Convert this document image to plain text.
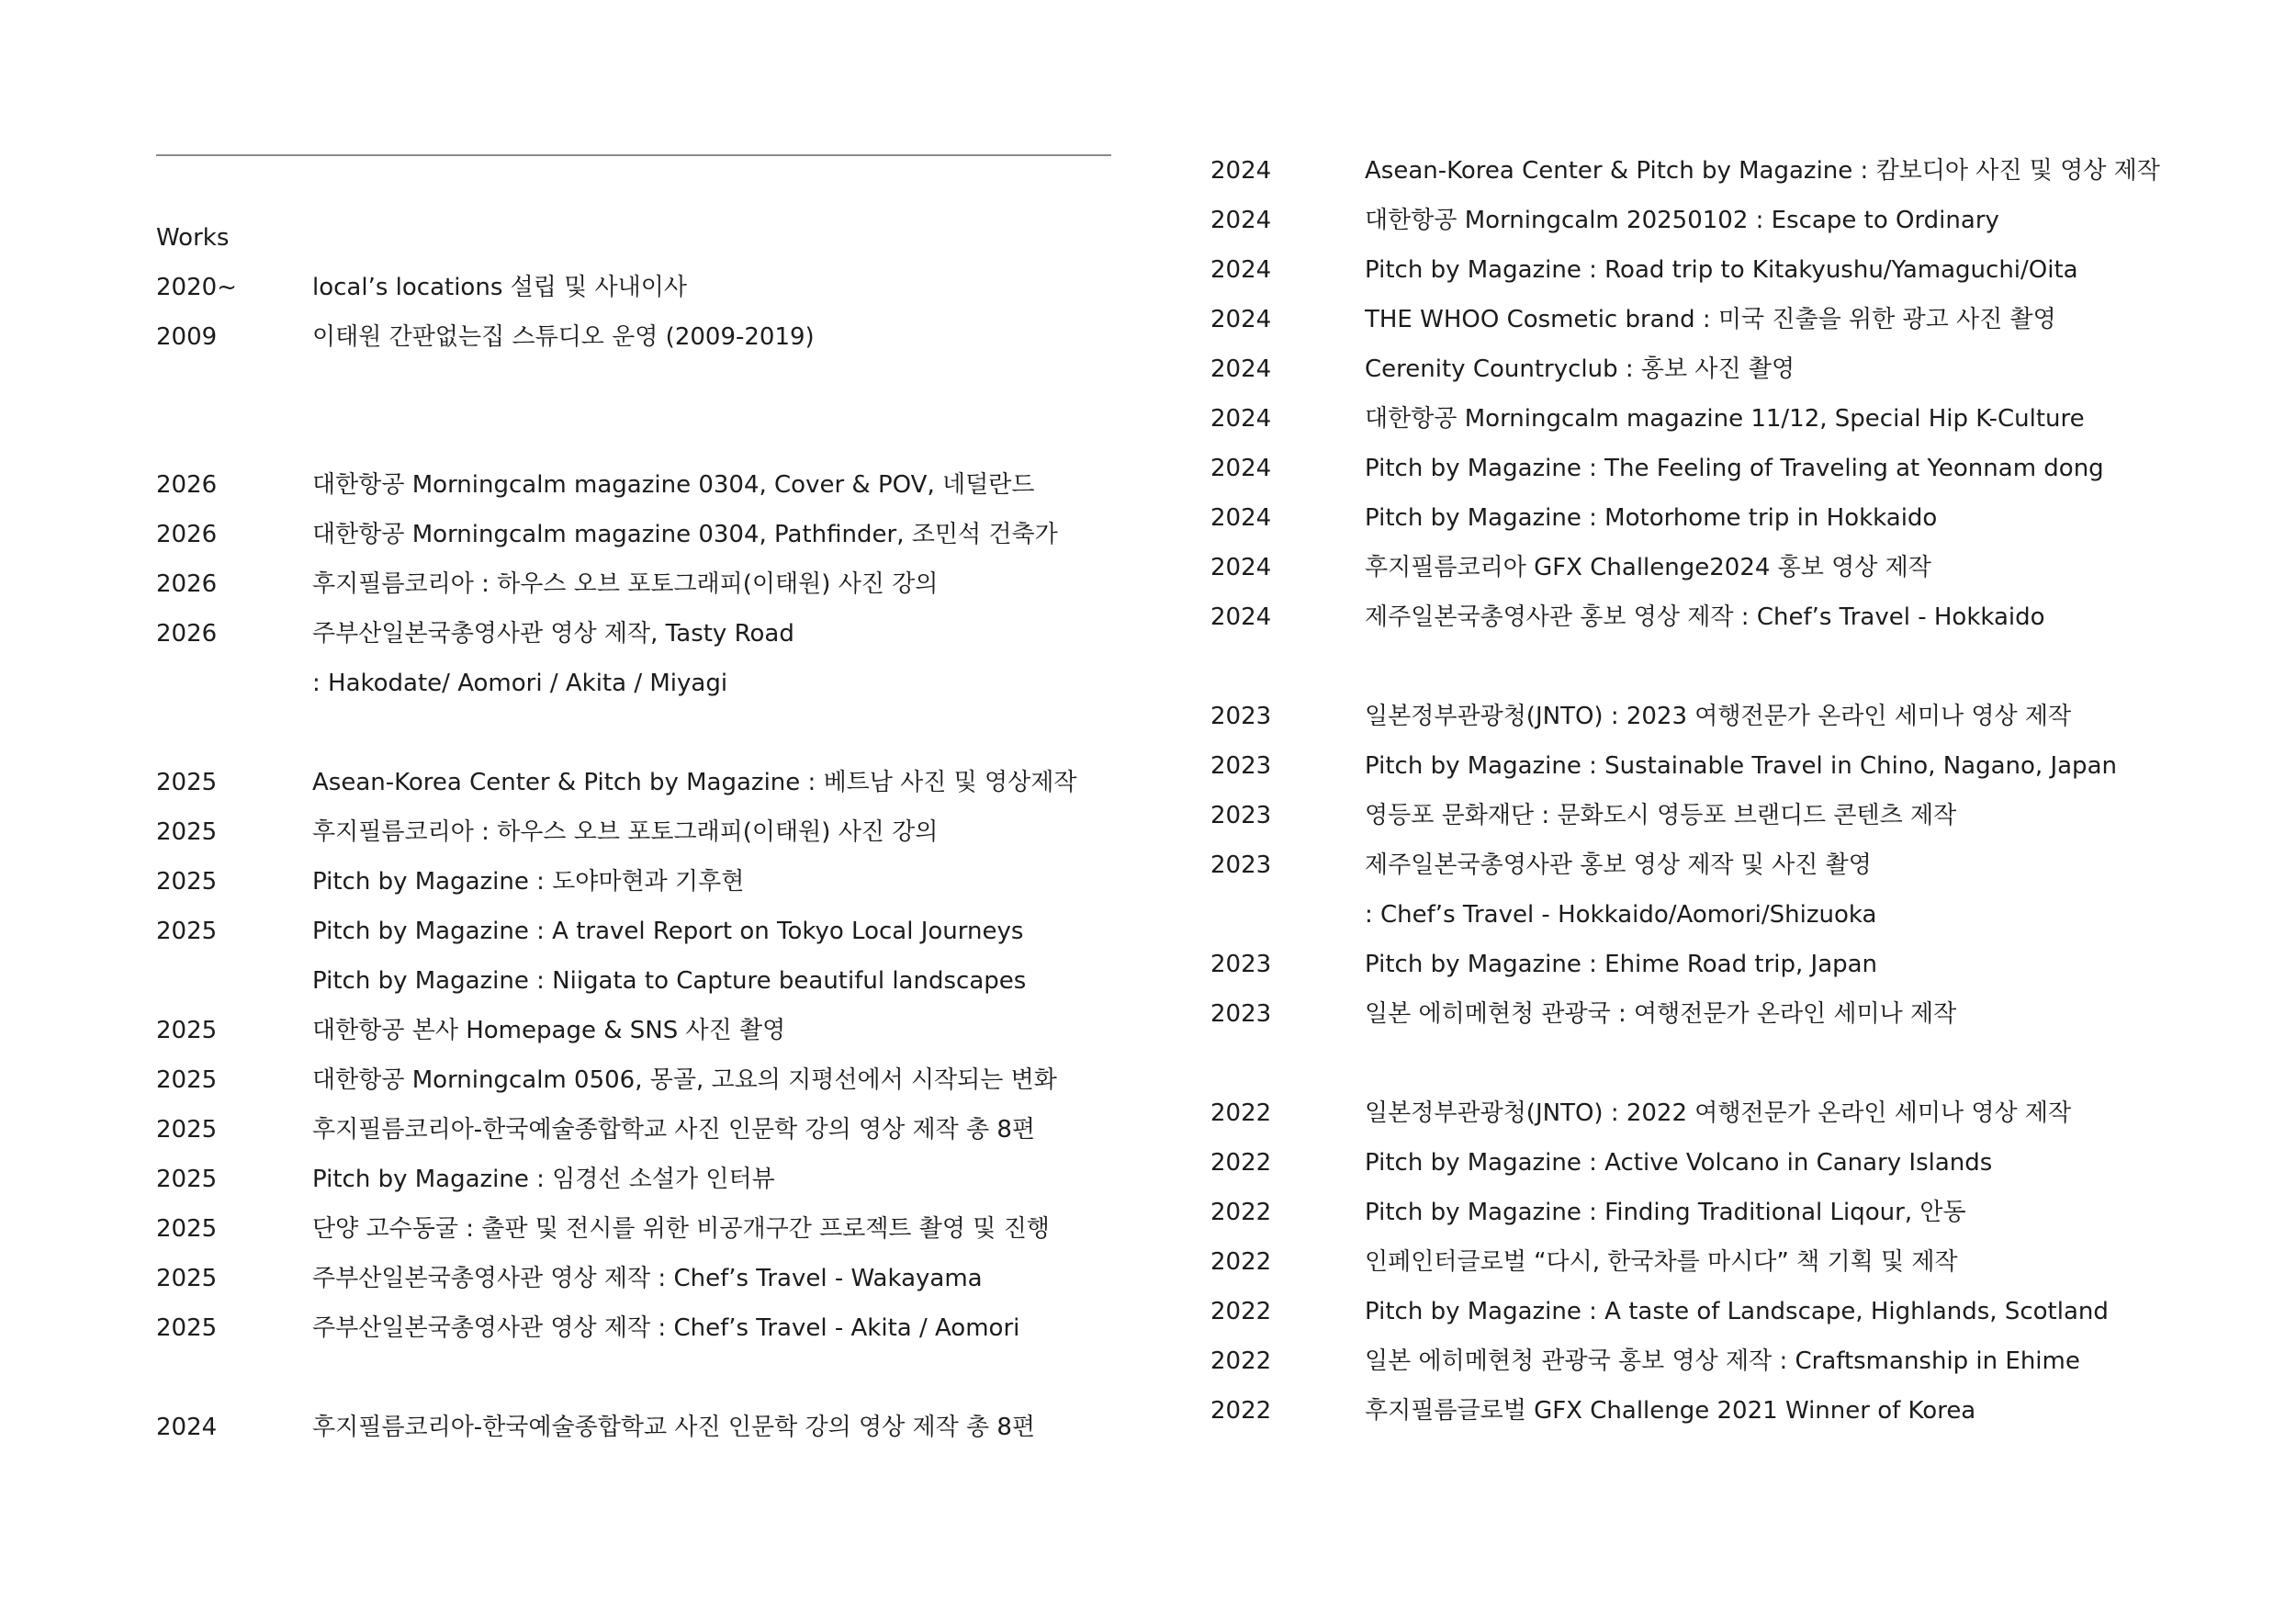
Works
2020~	local’s locations 설립 및 사내이사
2009	이태원 간판없는집 스튜디오 운영 (2009-2019)
2026	대한항공 Morningcalm magazine 0304, Cover & POV, 네덜란드
2026	대한항공 Morningcalm magazine 0304, Pathfinder, 조민석 건축가
2026	후지필름코리아 : 하우스 오브 포토그래피(이태원) 사진 강의
2026	주부산일본국총영사관 영상 제작, Tasty Road
: Hakodate/ Aomori / Akita / Miyagi
2025	Asean-Korea Center & Pitch by Magazine : 베트남 사진 및 영상제작
2025	후지필름코리아 : 하우스 오브 포토그래피(이태원) 사진 강의
2025	Pitch by Magazine : 도야마현과 기후현
2025	Pitch by Magazine : A travel Report on Tokyo Local Journeys
Pitch by Magazine : Niigata to Capture beautiful landscapes
2025	대한항공 본사 Homepage & SNS 사진 촬영
2025	대한항공 Morningcalm 0506, 몽골, 고요의 지평선에서 시작되는 변화
2025	후지필름코리아-한국예술종합학교 사진 인문학 강의 영상 제작 총 8편
2025	Pitch by Magazine : 임경선 소설가 인터뷰
2025	단양 고수동굴 : 출판 및 전시를 위한 비공개구간 프로젝트 촬영 및 진행
2025	주부산일본국총영사관 영상 제작 : Chef’s Travel - Wakayama
2025	주부산일본국총영사관 영상 제작 : Chef’s Travel - Akita / Aomori
2024	후지필름코리아-한국예술종합학교 사진 인문학 강의 영상 제작 총 8편
2024	Asean-Korea Center & Pitch by Magazine : 캄보디아 사진 및 영상 제작
2024	대한항공 Morningcalm 20250102 : Escape to Ordinary
2024	Pitch by Magazine : Road trip to Kitakyushu/Yamaguchi/Oita
2024	THE WHOO Cosmetic brand : 미국 진출을 위한 광고 사진 촬영
2024	Cerenity Countryclub : 홍보 사진 촬영
2024	대한항공 Morningcalm magazine 11/12, Special Hip K-Culture
2024	Pitch by Magazine : The Feeling of Traveling at Yeonnam dong
2024	Pitch by Magazine : Motorhome trip in Hokkaido
2024	후지필름코리아 GFX Challenge2024 홍보 영상 제작
2024	제주일본국총영사관 홍보 영상 제작 : Chef’s Travel - Hokkaido
2023	일본정부관광청(JNTO) : 2023 여행전문가 온라인 세미나 영상 제작
2023	Pitch by Magazine : Sustainable Travel in Chino, Nagano, Japan
2023	영등포 문화재단 : 문화도시 영등포 브랜디드 콘텐츠 제작
2023	제주일본국총영사관 홍보 영상 제작 및 사진 촬영
: Chef’s Travel - Hokkaido/Aomori/Shizuoka
2023	Pitch by Magazine : Ehime Road trip, Japan
2023	일본 에히메현청 관광국 : 여행전문가 온라인 세미나 제작
2022	일본정부관광청(JNTO) : 2022 여행전문가 온라인 세미나 영상 제작
2022	Pitch by Magazine : Active Volcano in Canary Islands
2022	Pitch by Magazine : Finding Traditional Liqour, 안동
2022	인페인터글로벌 “다시, 한국차를 마시다” 책 기획 및 제작
2022	Pitch by Magazine : A taste of Landscape, Highlands, Scotland
2022	일본 에히메현청 관광국 홍보 영상 제작 : Craftsmanship in Ehime
2022	후지필름글로벌 GFX Challenge 2021 Winner of Korea
